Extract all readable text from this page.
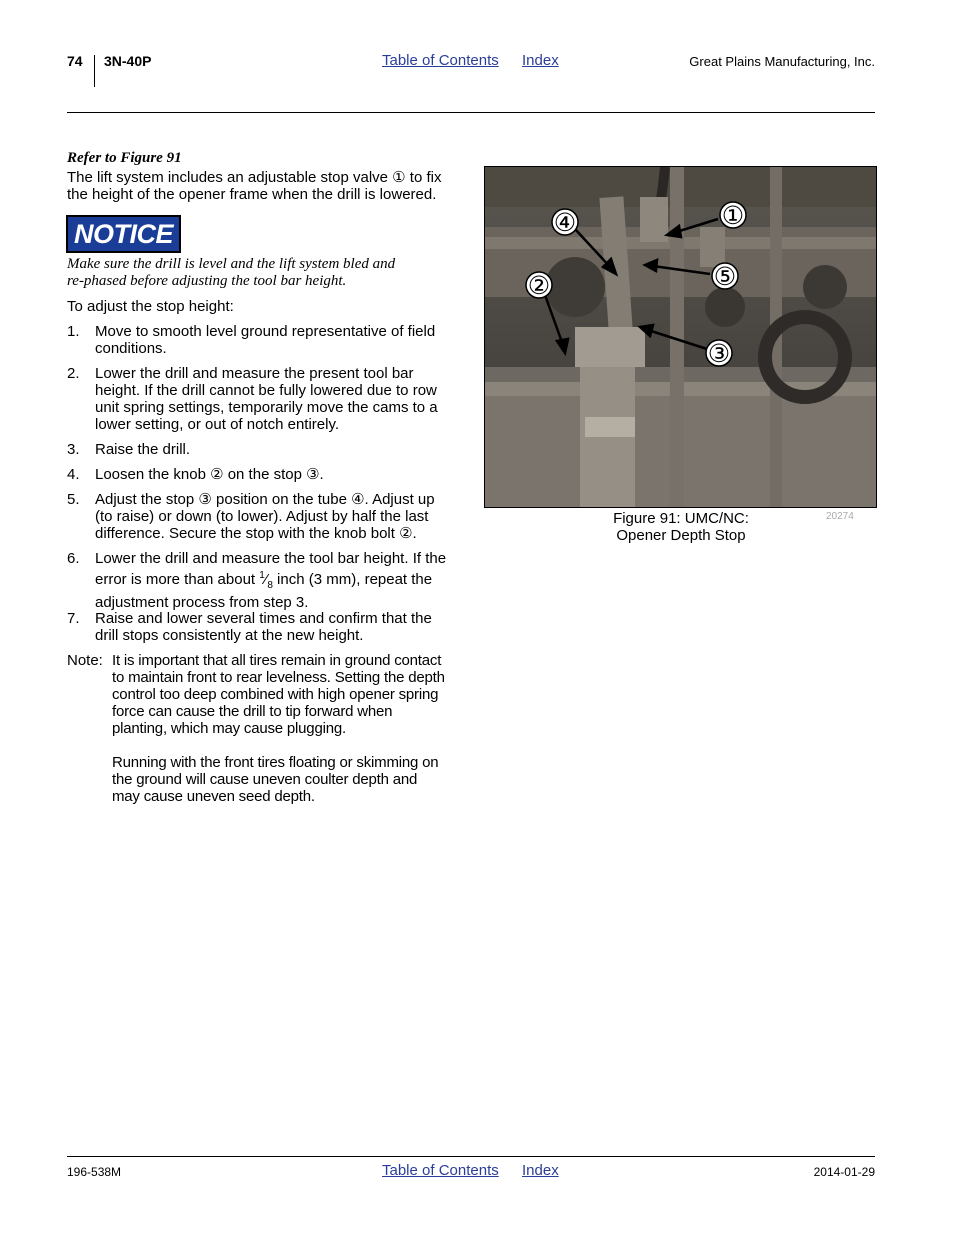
74 3N-40P	Table of Contents Index	Great Plains Manufacturing, Inc.
Refer to Figure 91
The lift system includes an adjustable stop valve ① to fix
the height of the opener frame when the drill is lowered.
NOTICE
Make sure the drill is level and the lift system bled and
re-phased before adjusting the tool bar height.
To adjust the stop height:
1. Move to smooth level ground representative of field
conditions.
2. Lower the drill and measure the present tool bar
height. If the drill cannot be fully lowered due to row
unit spring settings, temporarily move the cams to a
lower setting, or out of notch entirely.
3. Raise the drill.
4. Loosen the knob ② on the stop ③.
5. Adjust the stop ③ position on the tube ④. Adjust up
(to raise) or down (to lower). Adjust by half the last
difference. Secure the stop with the knob bolt ②.
6. Lower the drill and measure the tool bar height. If the
error is more than about $^1⁄_8$ inch (3 mm), repeat the
adjustment process from step 3.
7. Raise and lower several times and confirm that the
drill stops consistently at the new height.
Note: It is important that all tires remain in ground contact
to maintain front to rear levelness. Setting the depth
control too deep combined with high opener spring
force can cause the drill to tip forward when
planting, which may cause plugging.
Running with the front tires floating or skimming on
the ground will cause uneven coulter depth and
may cause uneven seed depth.
①
④
⑤
②
③
Figure 91: UMC/NC:
Opener Depth Stop
20274
196-538M	Table of Contents Index	2014-01-29
